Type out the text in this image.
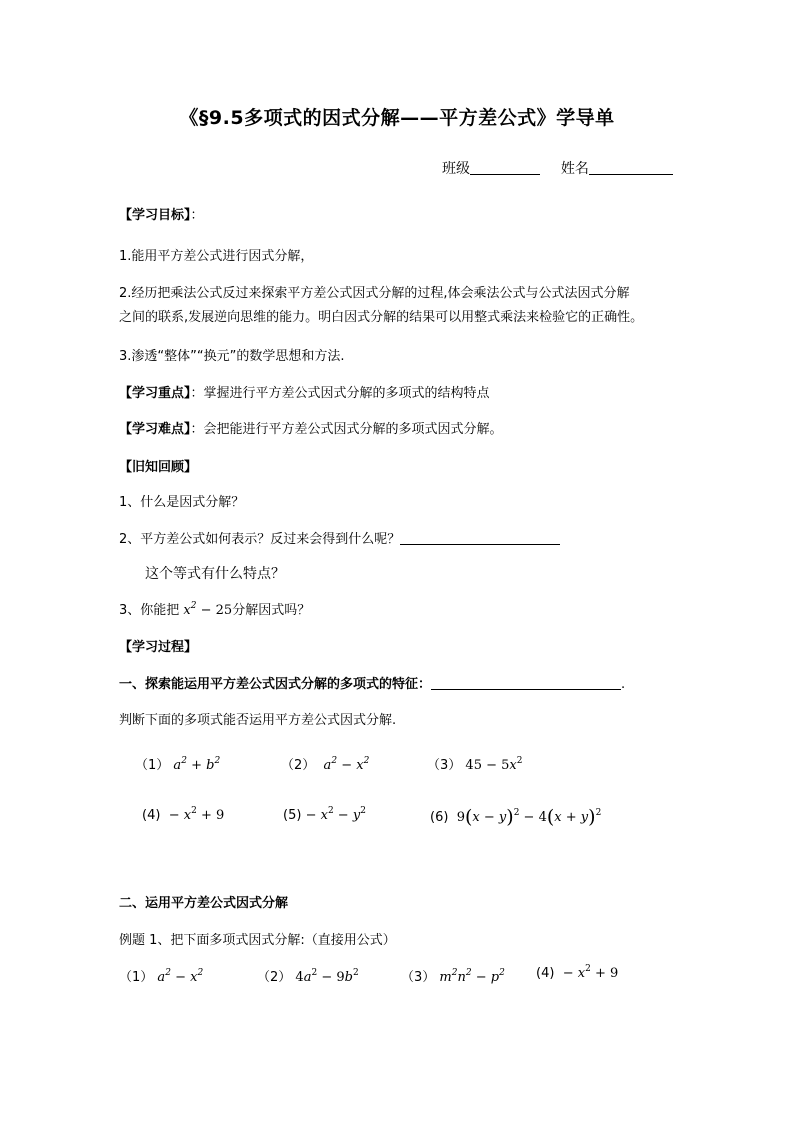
《§9.5多项式的因式分解——平方差公式》学导单
班级	姓名
【学习目标】：
1.能用平方差公式进行因式分解，
2.经历把乘法公式反过来探索平方差公式因式分解的过程,体会乘法公式与公式法因式分解
之间的联系,发展逆向思维的能力。明白因式分解的结果可以用整式乘法来检验它的正确性。
3.渗透“整体”“换元”的数学思想和方法.
【学习重点】：掌握进行平方差公式因式分解的多项式的结构特点
【学习难点】：会把能进行平方差公式因式分解的多项式因式分解。
【旧知回顾】
1、什么是因式分解？
2、平方差公式如何表示？反过来会得到什么呢？
这个等式有什么特点？
3、你能把 $x^2 - 25$分解因式吗？
【学习过程】
一、探索能运用平方差公式因式分解的多项式的特征：	.
判断下面的多项式能否运用平方差公式因式分解.
（1） $a^2 + b^2$	（2）  $a^2 - x^2$	（3） $45 - 5x^2$
$(4) - x^2 + 9$	$(5) - x^2 - y^2$	(6)  $9(x - y)^2 - 4(x + y)^2$
二、运用平方差公式因式分解
例题 1、把下面多项式因式分解:（直接用公式）
（1） $a^2 - x^2$	（2） $4a^2 - 9b^2$	（3） $m^2n^2 - p^2$ $(4) - x^2 + 9$
